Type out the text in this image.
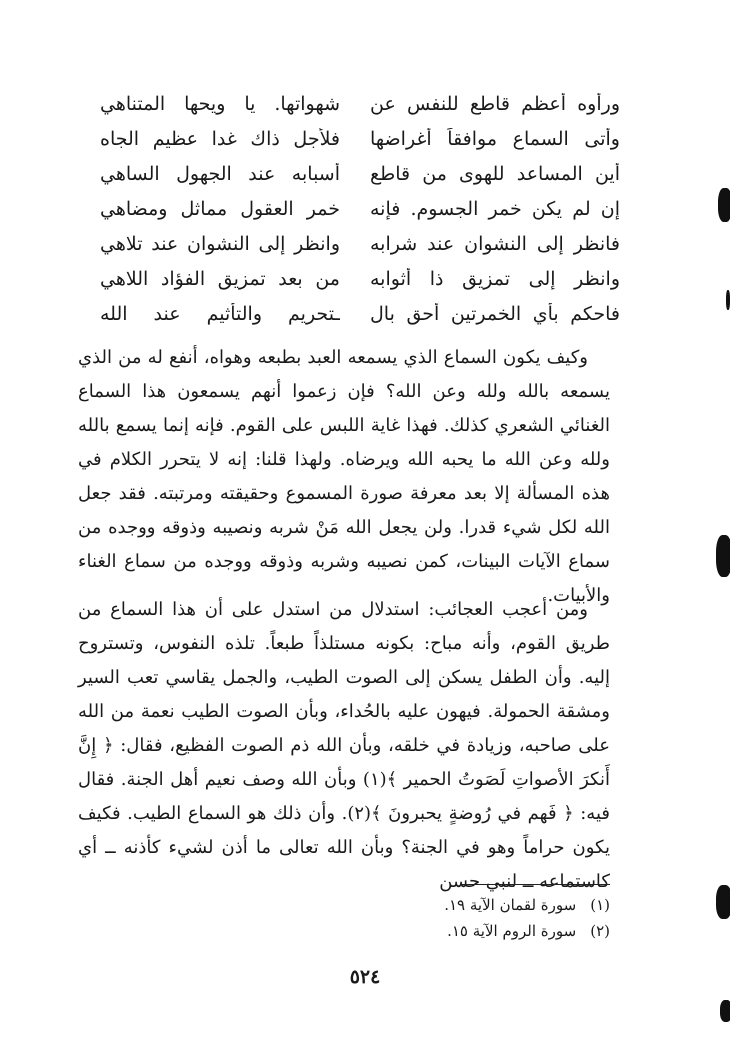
ورأوه أعظم قاطع للنفس عن
شهواتها. يا ويحها المتناهي
وأتى السماع موافقاً أغراضها
فلأجل ذاك غدا عظيم الجاه
أين المساعد للهوى من قاطع
أسبابه عند الجهول الساهي
إن لم يكن خمر الجسوم. فإنه
خمر العقول مماثل ومضاهي
فانظر إلى النشوان عند شرابه
وانظر إلى النشوان عند تلاهي
وانظر إلى تمزيق ذا أثوابه
من بعد تمزيق الفؤاد اللاهي
فاحكم بأي الخمرتين أحق بال
ـتحريم والتأثيم عند الله

وكيف يكون السماع الذي يسمعه العبد بطبعه وهواه، أنفع له من الذي يسمعه بالله ولله وعن الله؟ فإن زعموا أنهم يسمعون هذا السماع الغنائي الشعري كذلك. فهذا غاية اللبس على القوم. فإنه إنما يسمع بالله ولله وعن الله ما يحبه الله ويرضاه. ولهذا قلنا: إنه لا يتحرر الكلام في هذه المسألة إلا بعد معرفة صورة المسموع وحقيقته ومرتبته. فقد جعل الله لكل شيء قدرا. ولن يجعل الله مَنْ شربه ونصيبه وذوقه ووجده من سماع الآيات البينات، كمن نصيبه وشربه وذوقه ووجده من سماع الغناء والأبيات.

ومن أعجب العجائب: استدلال من استدل على أن هذا السماع من طريق القوم، وأنه مباح: بكونه مستلذاً طبعاً. تلذه النفوس، وتستروح إليه. وأن الطفل يسكن إلى الصوت الطيب، والجمل يقاسي تعب السير ومشقة الحمولة. فيهون عليه بالحُداء، وبأن الصوت الطيب نعمة من الله على صاحبه، وزيادة في خلقه، وبأن الله ذم الصوت الفظيع، فقال: ﴿ إِنَّ أَنكرَ الأصواتِ لَصَوتُ الحمير ﴾(١) وبأن الله وصف نعيم أهل الجنة. فقال فيه: ﴿ فَهم في رُوضةٍ يحبرونَ ﴾(٢). وأن ذلك هو السماع الطيب. فكيف يكون حراماً وهو في الجنة؟ وبأن الله تعالى ما أذن لشيء كأذنه ــ أي كاستماعه ــ لنبي حسن

(١)
سورة لقمان الآية ١٩.
(٢)
سورة الروم الآية ١٥.
٥٢٤
